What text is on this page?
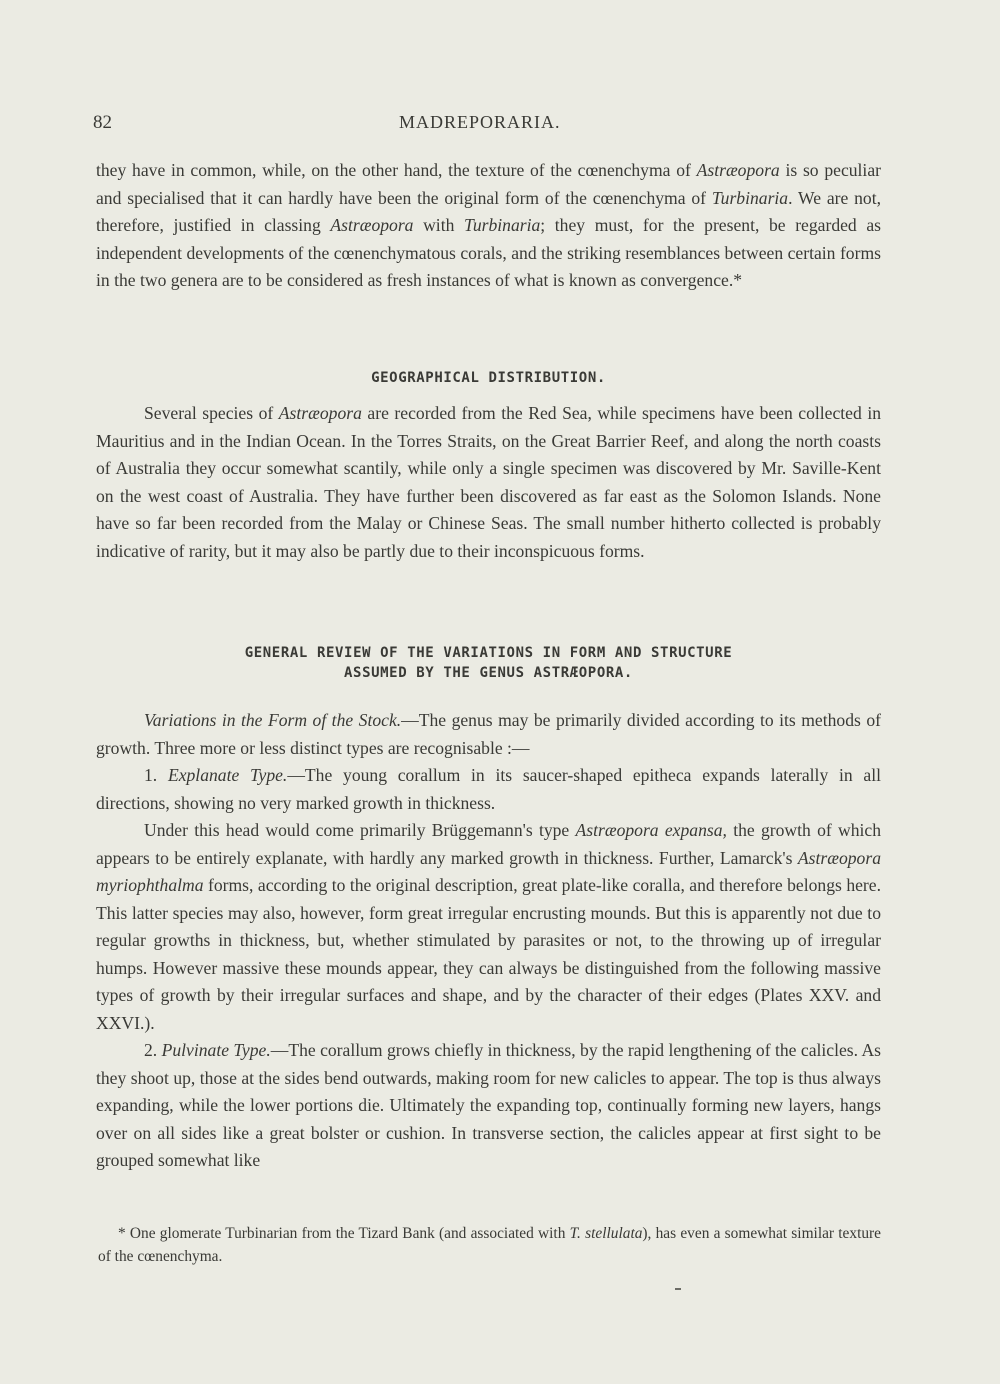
82	MADREPORARIA.

they have in common, while, on the other hand, the texture of the cœnenchyma of Astræopora is so peculiar and specialised that it can hardly have been the original form of the cœnenchyma of Turbinaria. We are not, therefore, justified in classing Astræopora with Turbinaria; they must, for the present, be regarded as independent developments of the cœnenchymatous corals, and the striking resemblances between certain forms in the two genera are to be considered as fresh instances of what is known as convergence.*

GEOGRAPHICAL DISTRIBUTION.

Several species of Astræopora are recorded from the Red Sea, while specimens have been collected in Mauritius and in the Indian Ocean. In the Torres Straits, on the Great Barrier Reef, and along the north coasts of Australia they occur somewhat scantily, while only a single specimen was discovered by Mr. Saville-Kent on the west coast of Australia. They have further been discovered as far east as the Solomon Islands. None have so far been recorded from the Malay or Chinese Seas. The small number hitherto collected is probably indicative of rarity, but it may also be partly due to their inconspicuous forms.

GENERAL REVIEW OF THE VARIATIONS IN FORM AND STRUCTURE
ASSUMED BY THE GENUS ASTRÆOPORA.

Variations in the Form of the Stock.—The genus may be primarily divided according to its methods of growth. Three more or less distinct types are recognisable :—

1. Explanate Type.—The young corallum in its saucer-shaped epitheca expands laterally in all directions, showing no very marked growth in thickness.

Under this head would come primarily Brüggemann's type Astræopora expansa, the growth of which appears to be entirely explanate, with hardly any marked growth in thickness. Further, Lamarck's Astræopora myriophthalma forms, according to the original description, great plate-like coralla, and therefore belongs here. This latter species may also, however, form great irregular encrusting mounds. But this is apparently not due to regular growths in thickness, but, whether stimulated by parasites or not, to the throwing up of irregular humps. However massive these mounds appear, they can always be distinguished from the following massive types of growth by their irregular surfaces and shape, and by the character of their edges (Plates XXV. and XXVI.).

2. Pulvinate Type.—The corallum grows chiefly in thickness, by the rapid lengthening of the calicles. As they shoot up, those at the sides bend outwards, making room for new calicles to appear. The top is thus always expanding, while the lower portions die. Ultimately the expanding top, continually forming new layers, hangs over on all sides like a great bolster or cushion. In transverse section, the calicles appear at first sight to be grouped somewhat like

* One glomerate Turbinarian from the Tizard Bank (and associated with T. stellulata), has even a somewhat similar texture of the cœnenchyma.
